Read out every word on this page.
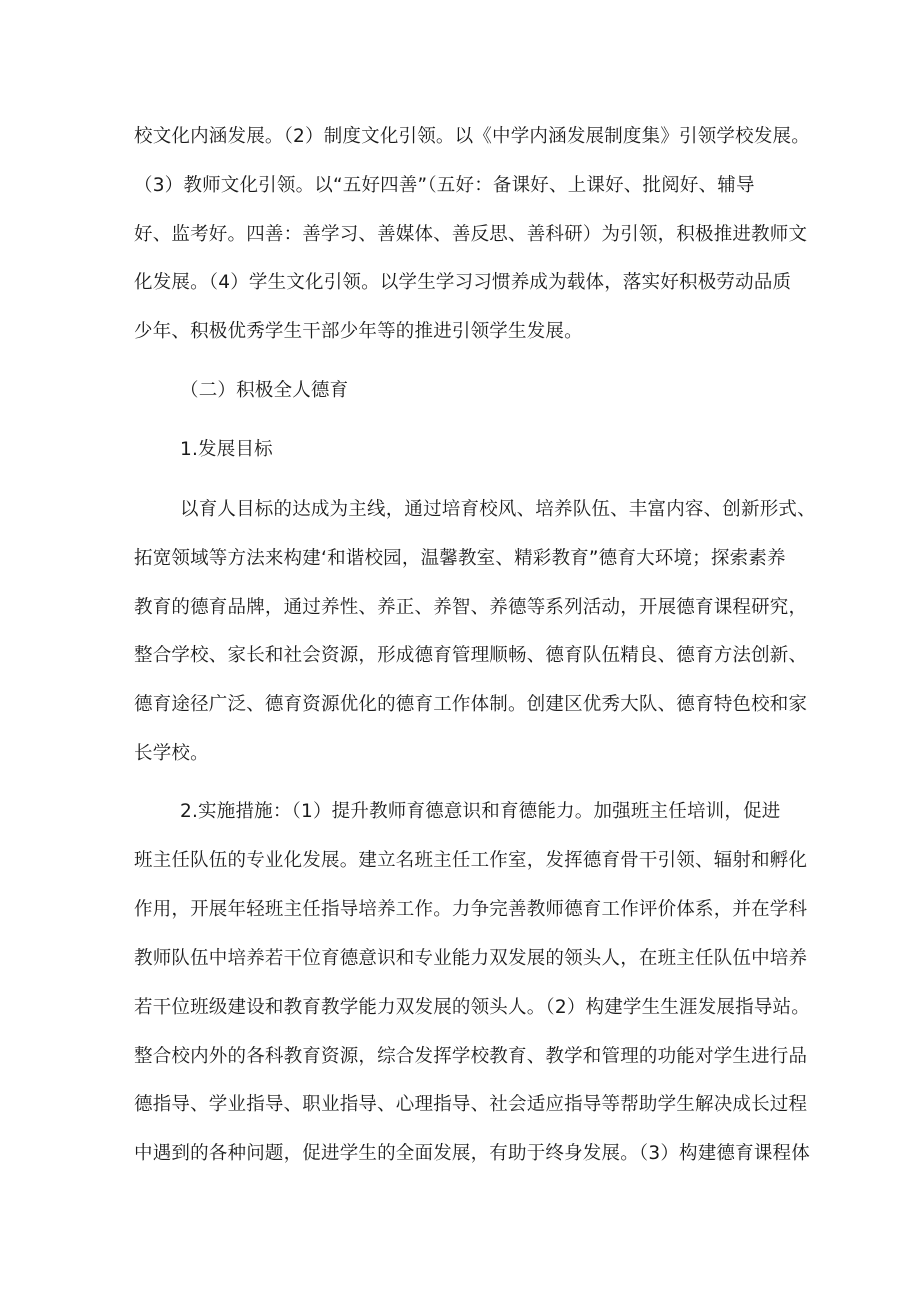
校文化内涵发展。（2）制度文化引领。以《中学内涵发展制度集》引领学校发展。
（3）教师文化引领。以“五好四善”（五好：备课好、上课好、批阅好、辅导
好、监考好。四善：善学习、善媒体、善反思、善科研）为引领，积极推进教师文
化发展。（4）学生文化引领。以学生学习习惯养成为载体，落实好积极劳动品质
少年、积极优秀学生干部少年等的推进引领学生发展。
（二）积极全人德育
1.发展目标
以育人目标的达成为主线，通过培育校风、培养队伍、丰富内容、创新形式、
拓宽领域等方法来构建‘和谐校园，温馨教室、精彩教育”德育大环境；探索素养
教育的德育品牌，通过养性、养正、养智、养德等系列活动，开展德育课程研究，
整合学校、家长和社会资源，形成德育管理顺畅、德育队伍精良、德育方法创新、
德育途径广泛、德育资源优化的德育工作体制。创建区优秀大队、德育特色校和家
长学校。
2.实施措施：（1）提升教师育德意识和育德能力。加强班主任培训，促进
班主任队伍的专业化发展。建立名班主任工作室，发挥德育骨干引领、辐射和孵化
作用，开展年轻班主任指导培养工作。力争完善教师德育工作评价体系，并在学科
教师队伍中培养若干位育德意识和专业能力双发展的领头人，在班主任队伍中培养
若干位班级建设和教育教学能力双发展的领头人。（2）构建学生生涯发展指导站。
整合校内外的各科教育资源，综合发挥学校教育、教学和管理的功能对学生进行品
德指导、学业指导、职业指导、心理指导、社会适应指导等帮助学生解决成长过程
中遇到的各种问题，促进学生的全面发展，有助于终身发展。（3）构建德育课程体
